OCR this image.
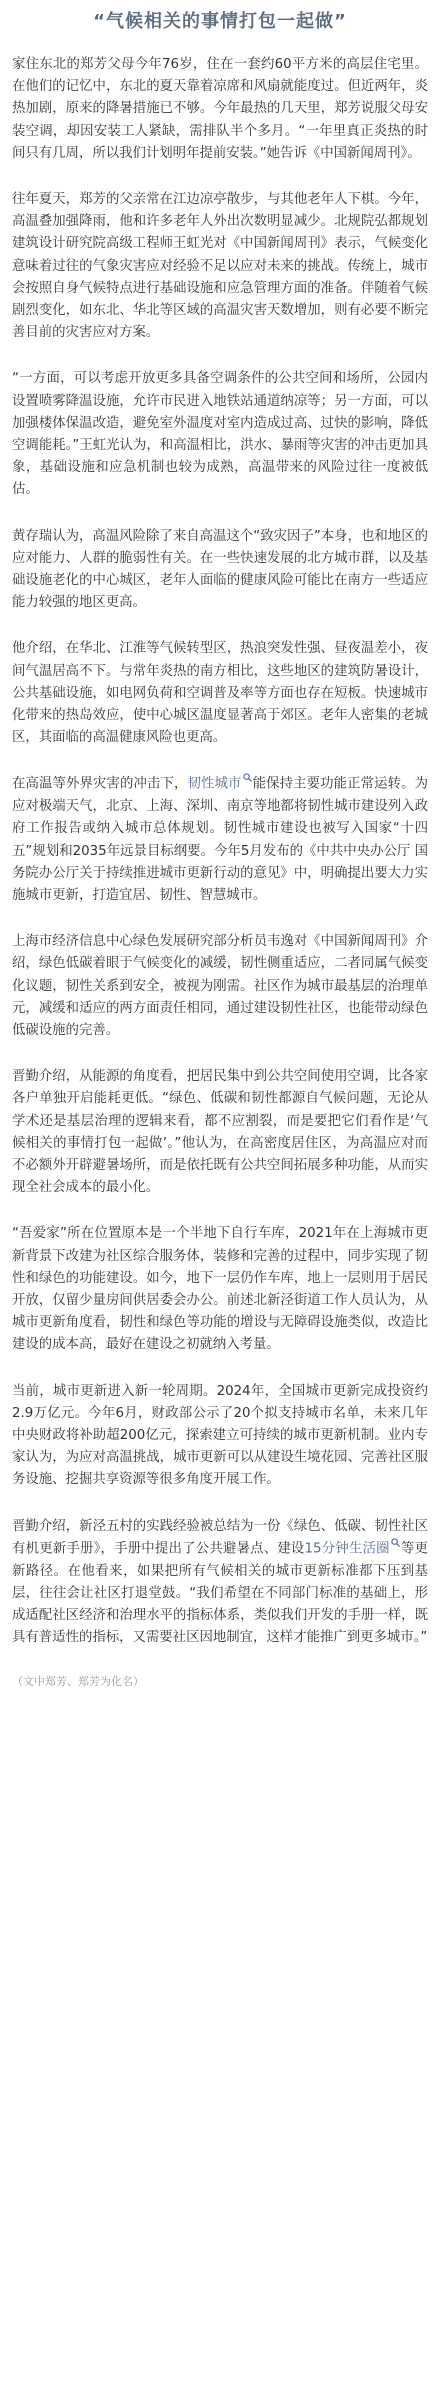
“气候相关的事情打包一起做”

家住东北的郑芳父母今年76岁，住在一套约60平方米的高层住宅里。在他们的记忆中，东北的夏天靠着凉席和风扇就能度过。但近两年，炎热加剧，原来的降暑措施已不够。今年最热的几天里，郑芳说服父母安装空调，却因安装工人紧缺，需排队半个多月。“一年里真正炎热的时间只有几周，所以我们计划明年提前安装。”她告诉《中国新闻周刊》。

往年夏天，郑芳的父亲常在江边凉亭散步，与其他老年人下棋。今年，高温叠加强降雨，他和许多老年人外出次数明显减少。北规院弘都规划建筑设计研究院高级工程师王虹光对《中国新闻周刊》表示，气候变化意味着过往的气象灾害应对经验不足以应对未来的挑战。传统上，城市会按照自身气候特点进行基础设施和应急管理方面的准备。伴随着气候剧烈变化，如东北、华北等区域的高温灾害天数增加，则有必要不断完善目前的灾害应对方案。

“一方面，可以考虑开放更多具备空调条件的公共空间和场所，公园内设置喷雾降温设施，允许市民进入地铁站通道纳凉等；另一方面，可以加强楼体保温改造，避免室外温度对室内造成过高、过快的影响，降低空调能耗。”王虹光认为，和高温相比，洪水、暴雨等灾害的冲击更加具象，基础设施和应急机制也较为成熟，高温带来的风险过往一度被低估。

黄存瑞认为，高温风险除了来自高温这个“致灾因子”本身，也和地区的应对能力、人群的脆弱性有关。在一些快速发展的北方城市群，以及基础设施老化的中心城区，老年人面临的健康风险可能比在南方一些适应能力较强的地区更高。

他介绍，在华北、江淮等气候转型区，热浪突发性强、昼夜温差小，夜间气温居高不下。与常年炎热的南方相比，这些地区的建筑防暑设计，公共基础设施，如电网负荷和空调普及率等方面也存在短板。快速城市化带来的热岛效应，使中心城区温度显著高于郊区。老年人密集的老城区，其面临的高温健康风险也更高。

在高温等外界灾害的冲击下，韧性城市 能保持主要功能正常运转。为应对极端天气，北京、上海、深圳、南京等地都将韧性城市建设列入政府工作报告或纳入城市总体规划。韧性城市建设也被写入国家“十四五”规划和2035年远景目标纲要。今年5月发布的《中共中央办公厅 国务院办公厅关于持续推进城市更新行动的意见》中，明确提出要大力实施城市更新，打造宜居、韧性、智慧城市。

上海市经济信息中心绿色发展研究部分析员韦逸对《中国新闻周刊》介绍，绿色低碳着眼于气候变化的减缓，韧性侧重适应，二者同属气候变化议题，韧性关系到安全，被视为刚需。社区作为城市最基层的治理单元，减缓和适应的两方面责任相同，通过建设韧性社区，也能带动绿色低碳设施的完善。

晋勤介绍，从能源的角度看，把居民集中到公共空间使用空调，比各家各户单独开启能耗更低。“绿色、低碳和韧性都源自气候问题，无论从学术还是基层治理的逻辑来看，都不应割裂，而是要把它们看作是‘气候相关的事情打包一起做’。”他认为，在高密度居住区，为高温应对而不必额外开辟避暑场所，而是依托既有公共空间拓展多种功能，从而实现全社会成本的最小化。

“吾爱家”所在位置原本是一个半地下自行车库，2021年在上海城市更新背景下改建为社区综合服务体，装修和完善的过程中，同步实现了韧性和绿色的功能建设。如今，地下一层仍作车库，地上一层则用于居民开放，仅留少量房间供居委会办公。前述北新泾街道工作人员认为，从城市更新角度看，韧性和绿色等功能的增设与无障碍设施类似，改造比建设的成本高，最好在建设之初就纳入考量。

当前，城市更新进入新一轮周期。2024年，全国城市更新完成投资约2.9万亿元。今年6月，财政部公示了20个拟支持城市名单，未来几年中央财政将补助超200亿元，探索建立可持续的城市更新机制。业内专家认为，为应对高温挑战，城市更新可以从建设生境花园、完善社区服务设施、挖掘共享资源等很多角度开展工作。

晋勤介绍，新泾五村的实践经验被总结为一份《绿色、低碳、韧性社区有机更新手册》，手册中提出了公共避暑点、建设15分钟生活圈 等更新路径。在他看来，如果把所有气候相关的城市更新标准都下压到基层，往往会让社区打退堂鼓。“我们希望在不同部门标准的基础上，形成适配社区经济和治理水平的指标体系，类似我们开发的手册一样，既具有普适性的指标，又需要社区因地制宜，这样才能推广到更多城市。”

（文中郑芳、郑芳为化名）
